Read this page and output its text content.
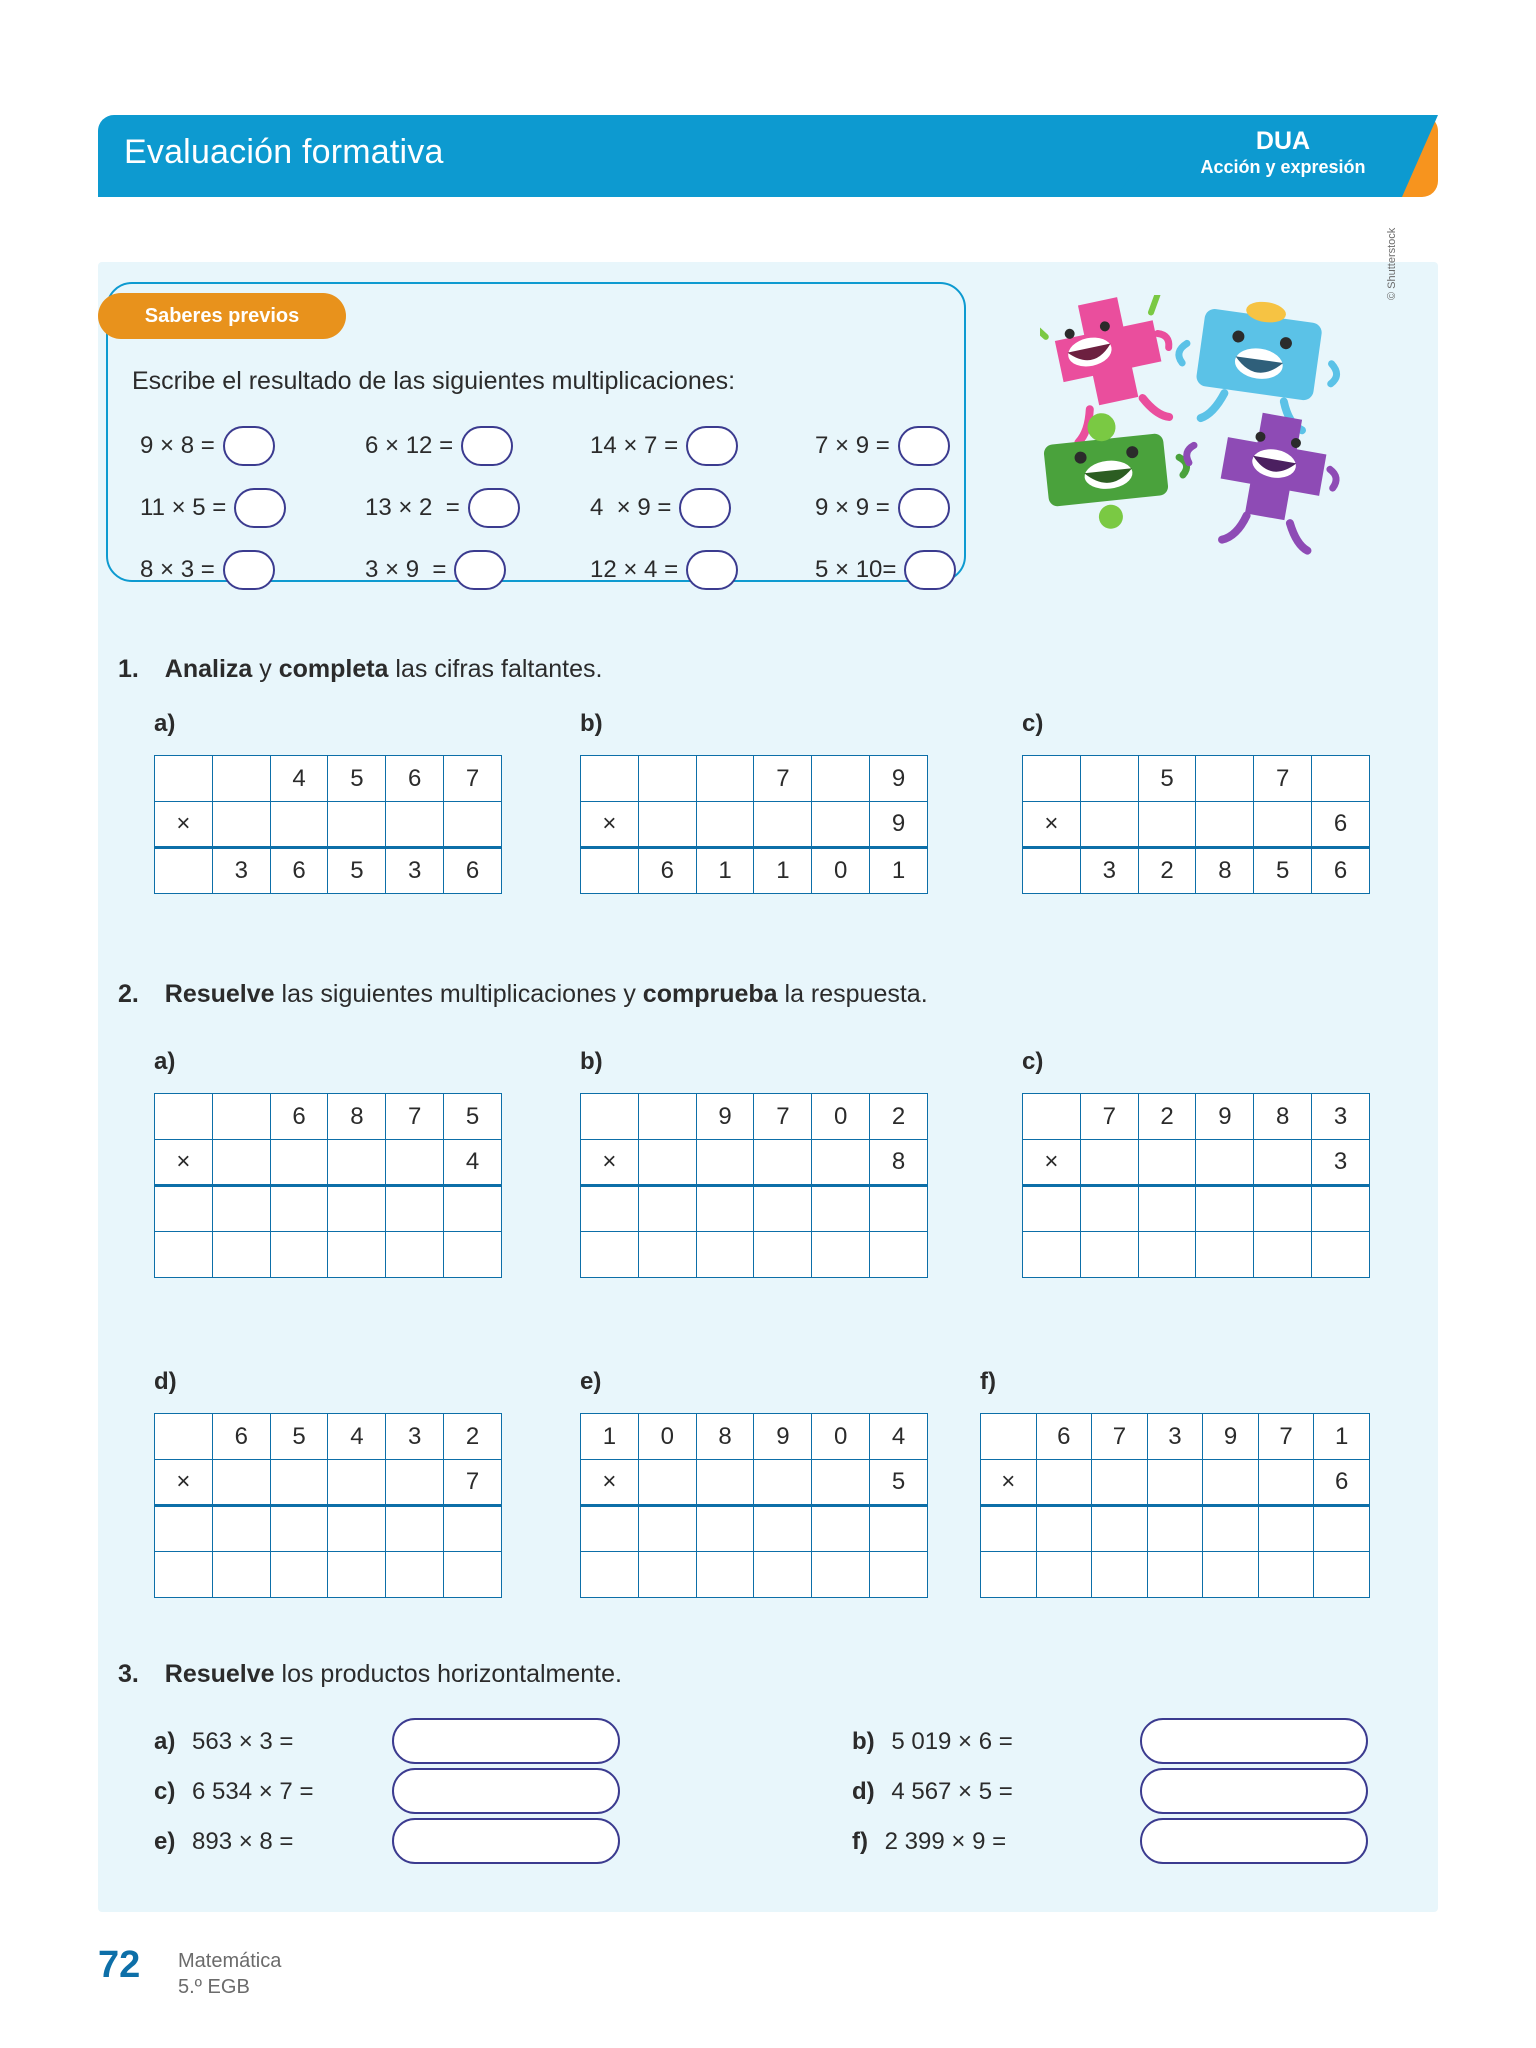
Evaluación formativa	DUA
Acción y expresión
Saberes previos
Escribe el resultado de las siguientes multiplicaciones:
9 × 8 =	6 × 12 =	14 × 7 =	7 × 9 =
11 × 5 =	13 × 2  =	4  × 9 =	9 × 9 =
8 × 3 =	3 × 9  =	12 × 4 =	5 × 10=
© Shutterstock
1. Analiza y completa las cifras faltantes.
a)
		4	5	6	7
×					
	3	6	5	3	6
b)
			7		9
×					9
	6	1	1	0	1
c)
		5		7	
×					6
	3	2	8	5	6
2. Resuelve las siguientes multiplicaciones y comprueba la respuesta.
a)
		6	8	7	5
×					4

b)
		9	7	0	2
×					8

c)
	7	2	9	8	3
×					3

d)
	6	5	4	3	2
×					7

e)
1	0	8	9	0	4
×					5

f)
	6	7	3	9	7	1
×						6

3. Resuelve los productos horizontalmente.
a) 563 × 3 =	b) 5 019 × 6 =
c) 6 534 × 7 =	d) 4 567 × 5 =
e) 893 × 8 =	f) 2 399 × 9 =
72 Matemática
5.º EGB
